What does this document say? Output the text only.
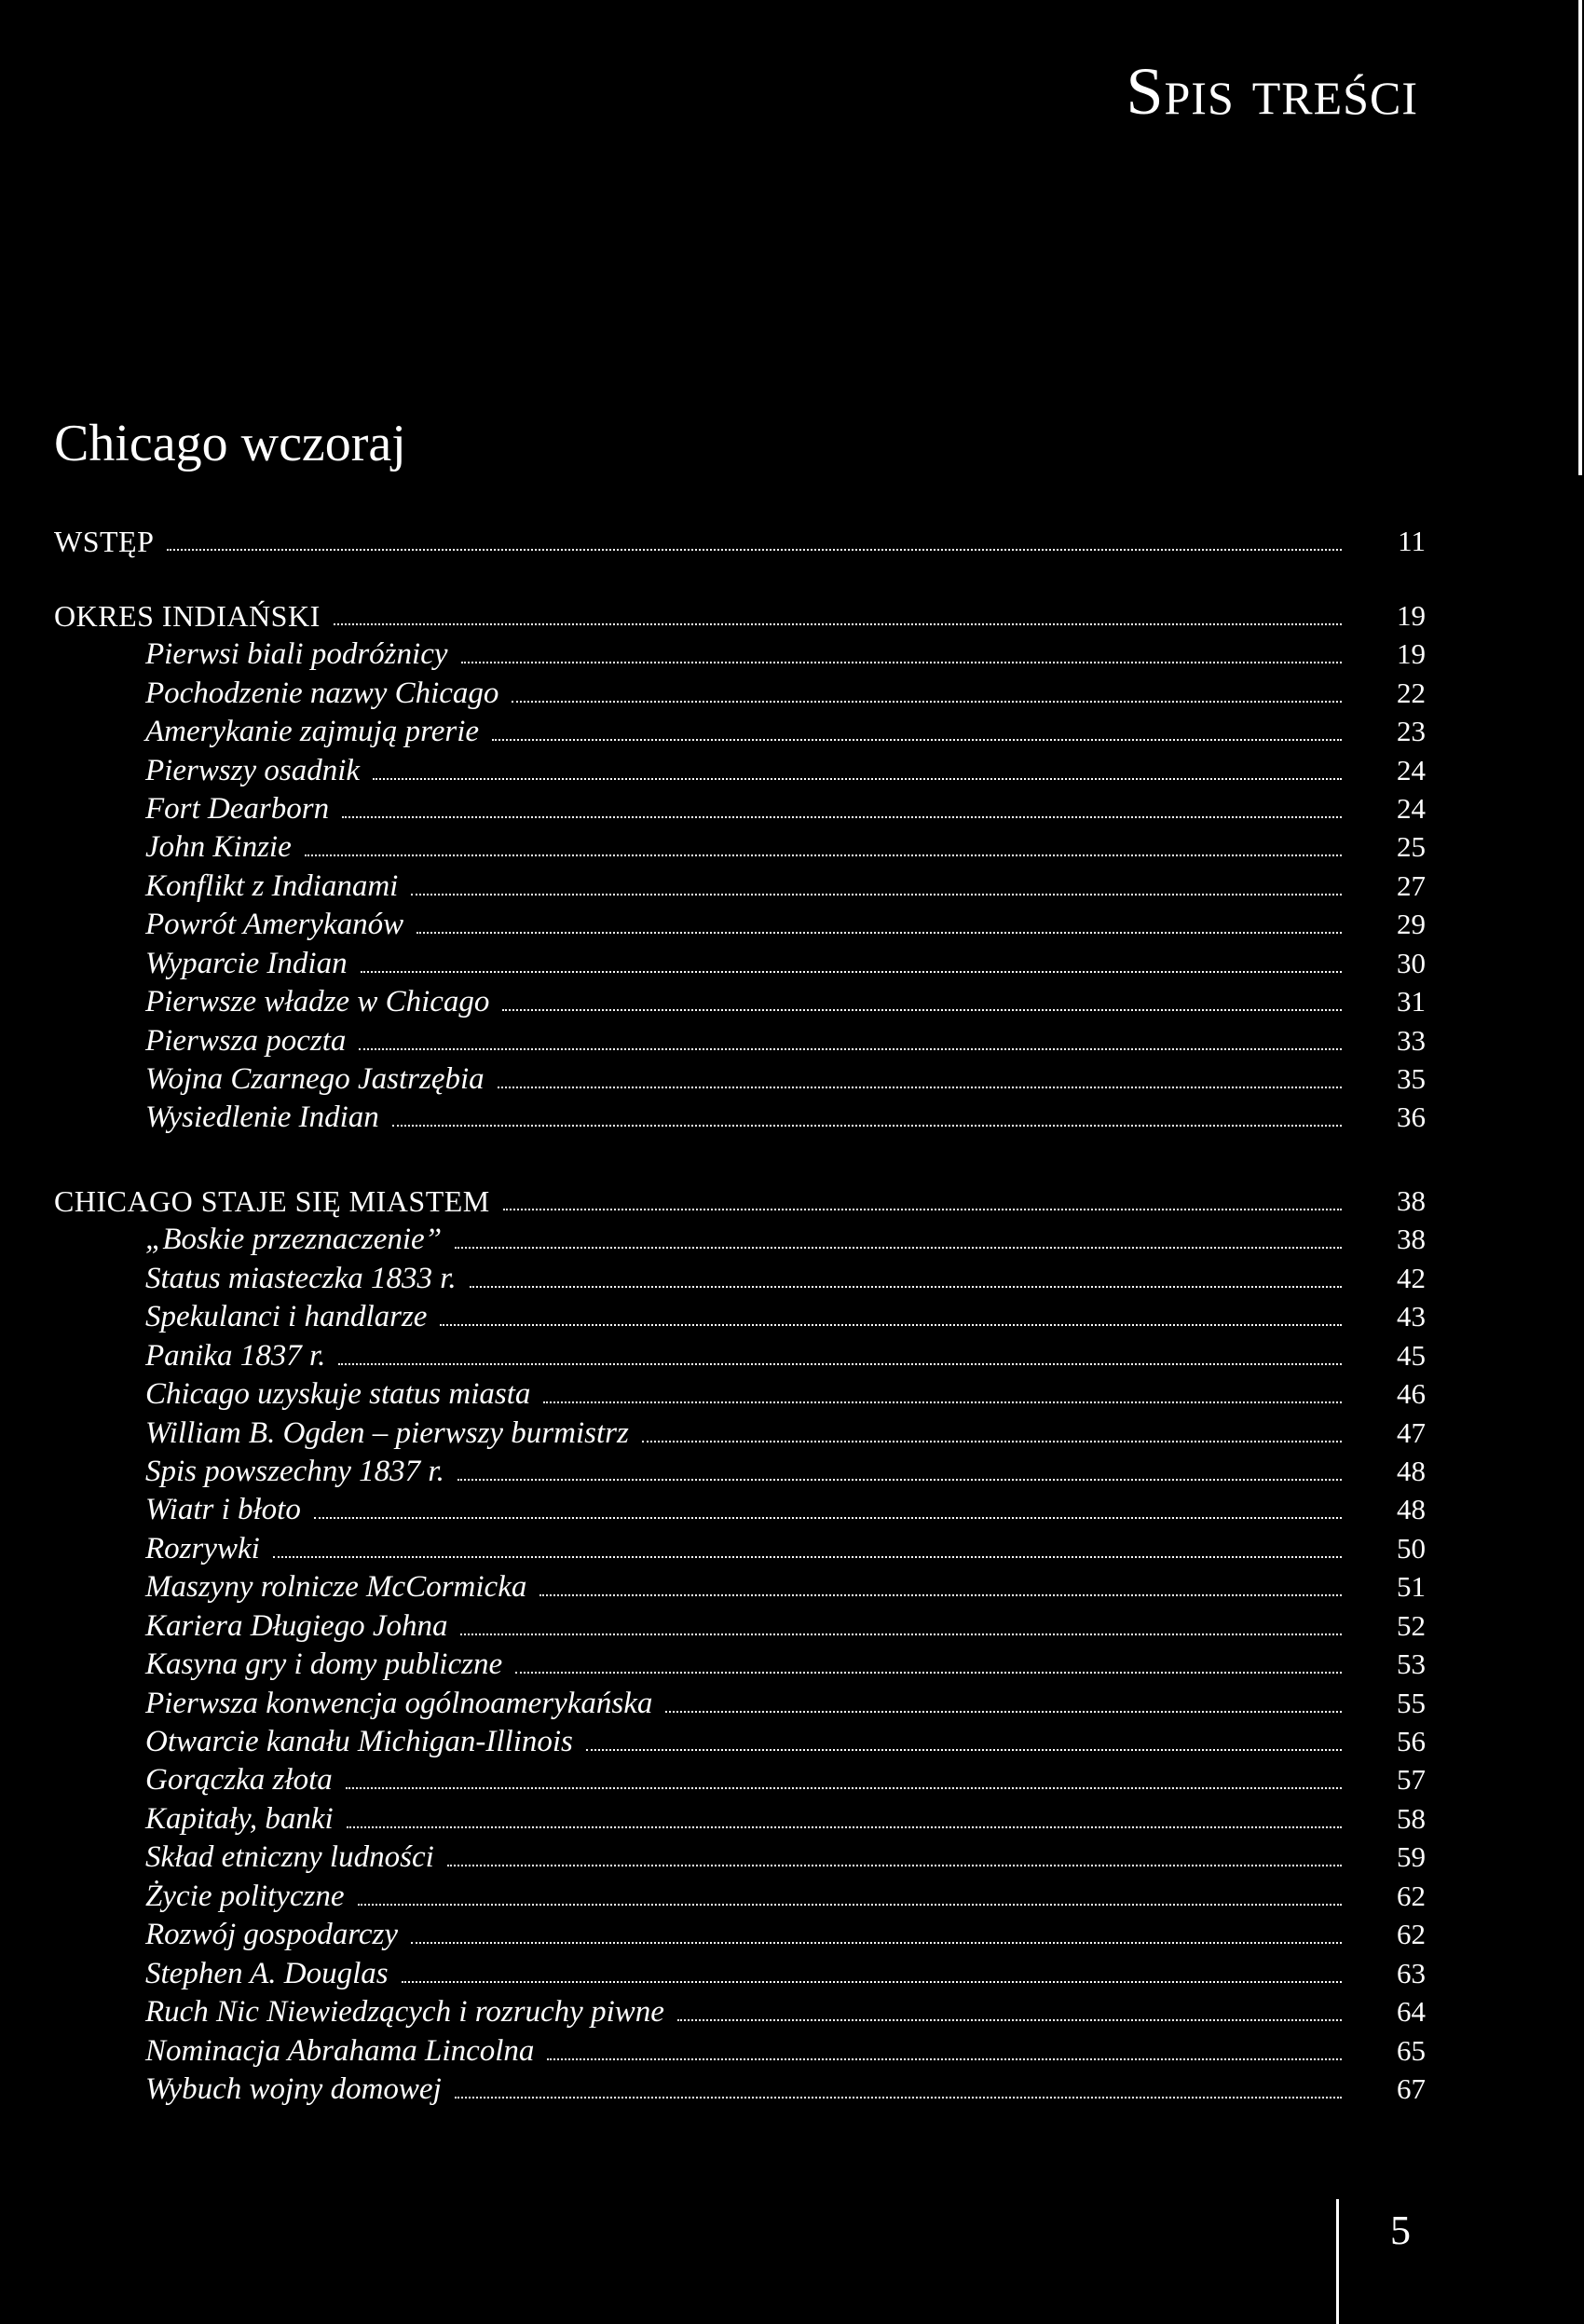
Spis treści
Chicago wczoraj
WSTĘP	11
OKRES INDIAŃSKI	19
Pierwsi biali podróżnicy	19
Pochodzenie nazwy Chicago	22
Amerykanie zajmują prerie	23
Pierwszy osadnik	24
Fort Dearborn	24
John Kinzie	25
Konflikt z Indianami	27
Powrót Amerykanów	29
Wyparcie Indian	30
Pierwsze władze w Chicago	31
Pierwsza poczta	33
Wojna Czarnego Jastrzębia	35
Wysiedlenie Indian	36
CHICAGO STAJE SIĘ MIASTEM	38
„Boskie przeznaczenie”	38
Status miasteczka 1833 r.	42
Spekulanci i handlarze	43
Panika 1837 r.	45
Chicago uzyskuje status miasta	46
William B. Ogden – pierwszy burmistrz	47
Spis powszechny 1837 r.	48
Wiatr i błoto	48
Rozrywki	50
Maszyny rolnicze McCormicka	51
Kariera Długiego Johna	52
Kasyna gry i domy publiczne	53
Pierwsza konwencja ogólnoamerykańska	55
Otwarcie kanału Michigan-Illinois	56
Gorączka złota	57
Kapitały, banki	58
Skład etniczny ludności	59
Życie polityczne	62
Rozwój gospodarczy	62
Stephen A. Douglas	63
Ruch Nic Niewiedzących i rozruchy piwne	64
Nominacja Abrahama Lincolna	65
Wybuch wojny domowej	67
5
